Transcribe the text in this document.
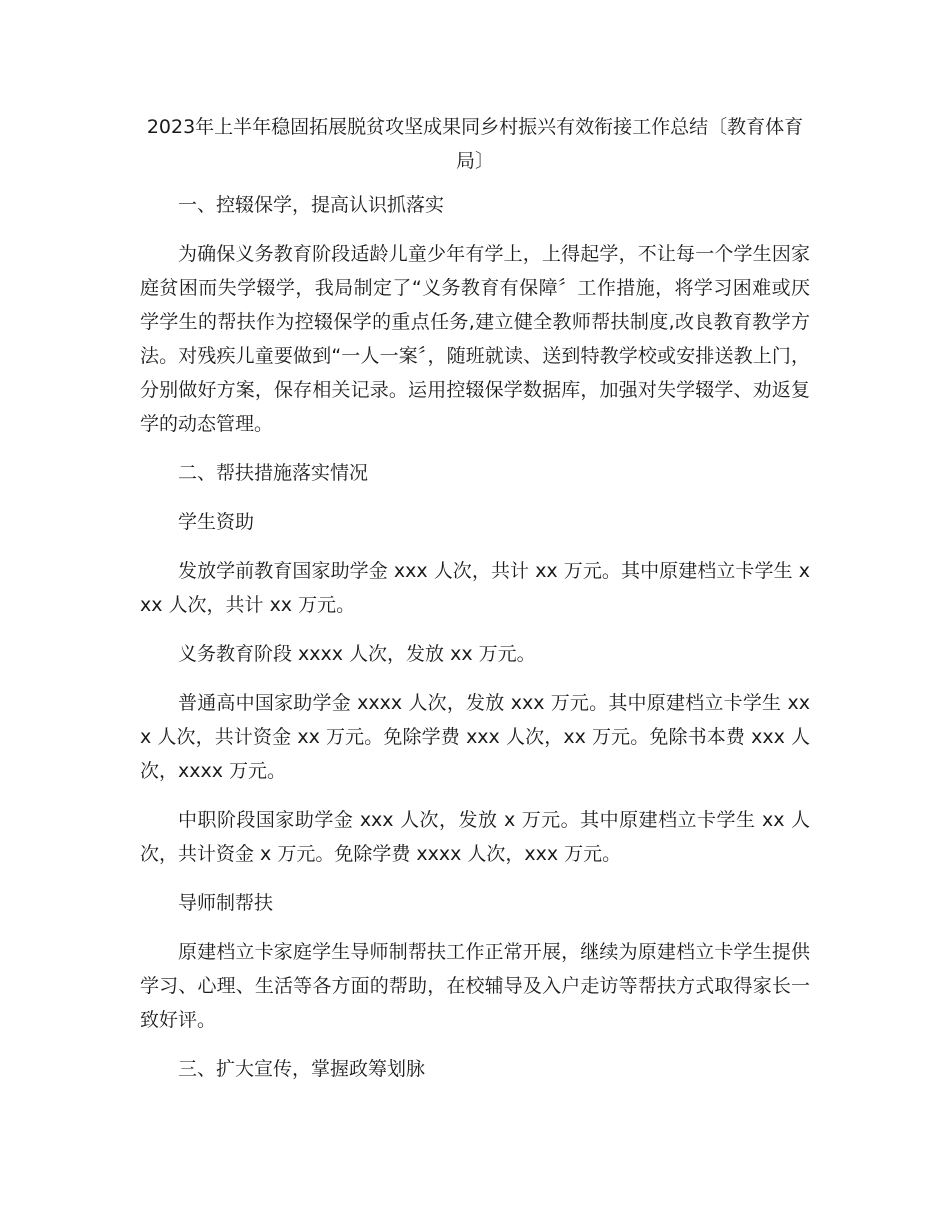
2023年上半年稳固拓展脱贫攻坚成果同乡村振兴有效衔接工作总结〔教育体育局〕
一、控辍保学，提高认识抓落实
为确保义务教育阶段适龄儿童少年有学上，上得起学，不让每一个学生因家庭贫困而失学辍学，我局制定了“义务教育有保障〞工作措施，将学习困难或厌学学生的帮扶作为控辍保学的重点任务,建立健全教师帮扶制度,改良教育教学方法。对残疾儿童要做到“一人一案〞，随班就读、送到特教学校或安排送教上门，分别做好方案，保存相关记录。运用控辍保学数据库，加强对失学辍学、劝返复学的动态管理。
二、帮扶措施落实情况
学生资助
发放学前教育国家助学金 xxx 人次，共计 xx 万元。其中原建档立卡学生 xxx 人次，共计 xx 万元。
义务教育阶段 xxxx 人次，发放 xx 万元。
普通高中国家助学金 xxxx 人次，发放 xxx 万元。其中原建档立卡学生 xxx 人次，共计资金 xx 万元。免除学费 xxx 人次，xx 万元。免除书本费 xxx 人次，xxxx 万元。
中职阶段国家助学金 xxx 人次，发放 x 万元。其中原建档立卡学生 xx 人次，共计资金 x 万元。免除学费 xxxx 人次，xxx 万元。
导师制帮扶
原建档立卡家庭学生导师制帮扶工作正常开展，继续为原建档立卡学生提供学习、心理、生活等各方面的帮助，在校辅导及入户走访等帮扶方式取得家长一致好评。
三、扩大宣传，掌握政筹划脉
